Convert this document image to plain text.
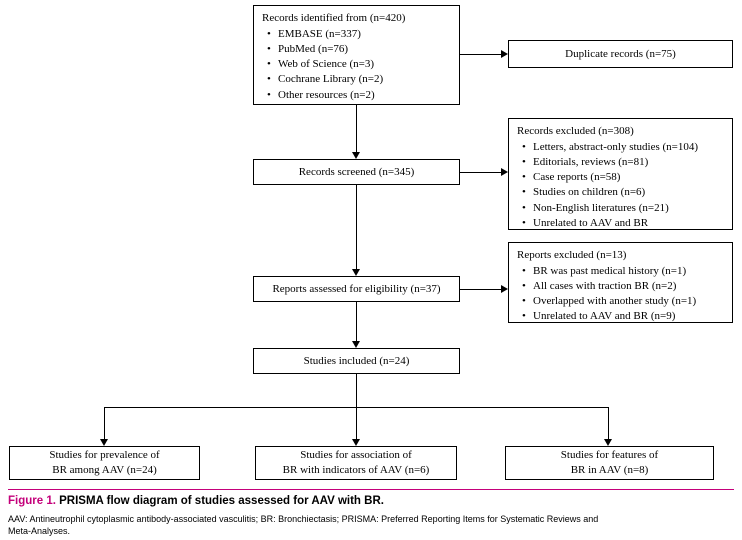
Records identified from (n=420)
• EMBASE (n=337)
• PubMed (n=76)
• Web of Science (n=3)
• Cochrane Library (n=2)
• Other resources (n=2)
Duplicate records (n=75)
Records screened (n=345)
Records excluded (n=308)
• Letters, abstract-only studies (n=104)
• Editorials, reviews (n=81)
• Case reports (n=58)
• Studies on children (n=6)
• Non-English literatures (n=21)
• Unrelated to AAV and BR
Reports assessed for eligibility (n=37)
Reports excluded (n=13)
• BR was past medical history (n=1)
• All cases with traction BR (n=2)
• Overlapped with another study (n=1)
• Unrelated to AAV and BR (n=9)
Studies included (n=24)
Studies for prevalence of
BR among AAV (n=24)
Studies for association of
BR with indicators of AAV (n=6)
Studies for features of
BR in AAV (n=8)
Figure 1. PRISMA flow diagram of studies assessed for AAV with BR.
AAV: Antineutrophil cytoplasmic antibody-associated vasculitis; BR: Bronchiectasis; PRISMA: Preferred Reporting Items for Systematic Reviews and
Meta-Analyses.
